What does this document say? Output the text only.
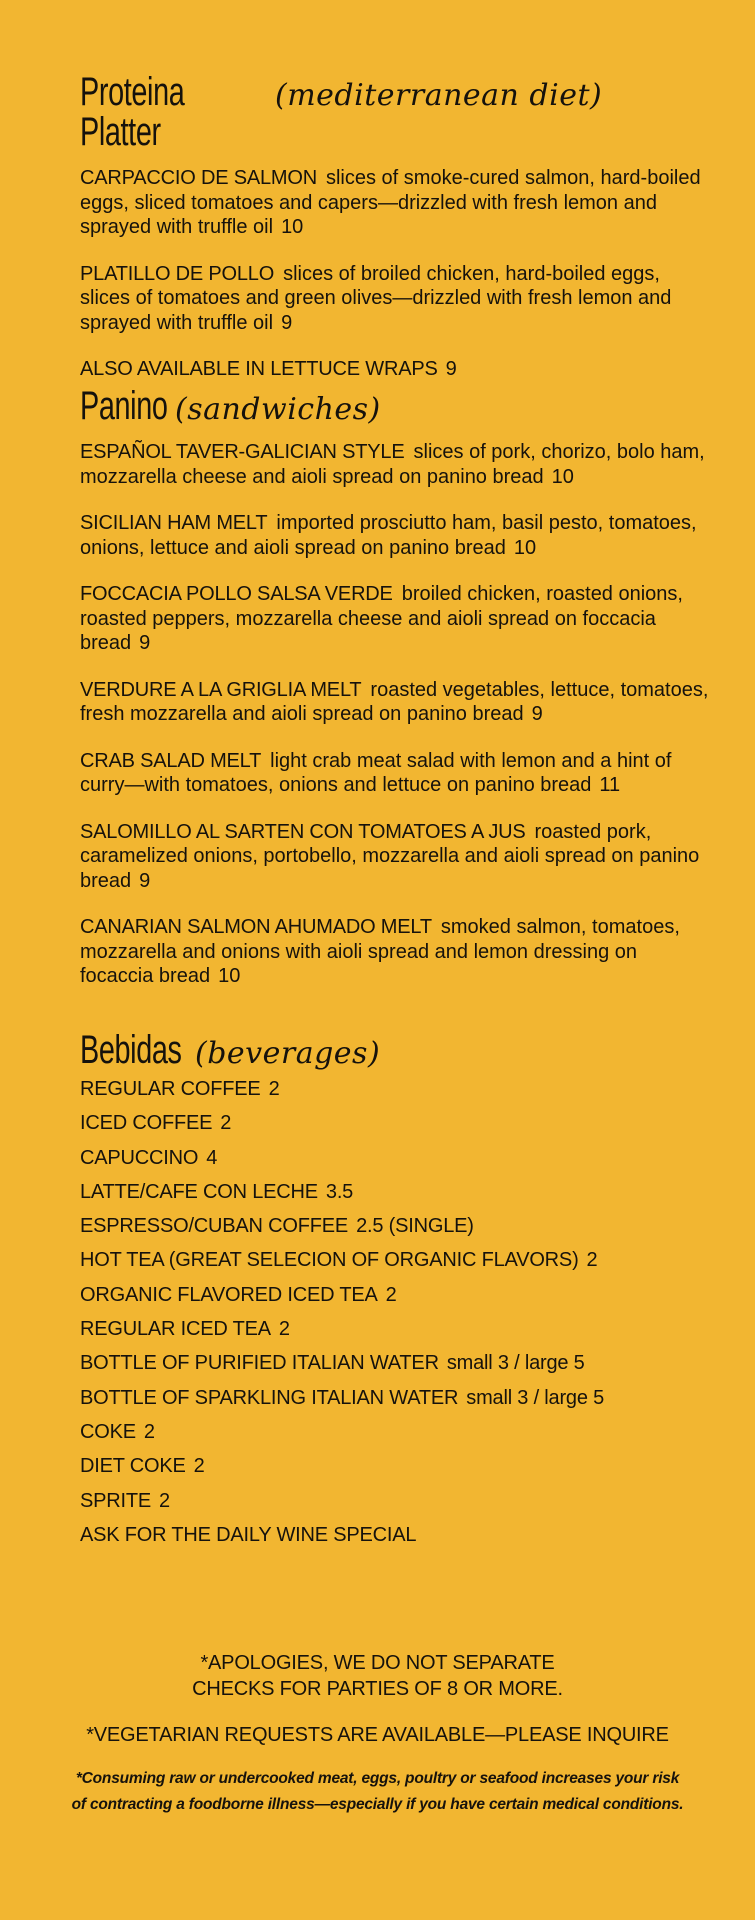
Proteina Platter
(mediterranean diet)
CARPACCIO DE SALMON slices of smoke-cured salmon, hard-boiled eggs, sliced tomatoes and capers—drizzled with fresh lemon and sprayed with truffle oil 10
PLATILLO DE POLLO slices of broiled chicken, hard-boiled eggs, slices of tomatoes and green olives—drizzled with fresh lemon and sprayed with truffle oil 9
ALSO AVAILABLE IN LETTUCE WRAPS 9
Panino (sandwiches)
ESPAÑOL TAVER-GALICIAN STYLE slices of pork, chorizo, bolo ham, mozzarella cheese and aioli spread on panino bread 10
SICILIAN HAM MELT imported prosciutto ham, basil pesto, tomatoes, onions, lettuce and aioli spread on panino bread 10
FOCCACIA POLLO SALSA VERDE broiled chicken, roasted onions, roasted peppers, mozzarella cheese and aioli spread on foccacia bread 9
VERDURE A LA GRIGLIA MELT roasted vegetables, lettuce, tomatoes, fresh mozzarella and aioli spread on panino bread 9
CRAB SALAD MELT light crab meat salad with lemon and a hint of curry—with tomatoes, onions and lettuce on panino bread 11
SALOMILLO AL SARTEN CON TOMATOES A JUS roasted pork, caramelized onions, portobello, mozzarella and aioli spread on panino bread 9
CANARIAN SALMON AHUMADO MELT smoked salmon, tomatoes, mozzarella and onions with aioli spread and lemon dressing on focaccia bread 10
Bebidas (beverages)
REGULAR COFFEE 2
ICED COFFEE 2
CAPUCCINO 4
LATTE/CAFE CON LECHE 3.5
ESPRESSO/CUBAN COFFEE 2.5 (SINGLE)
HOT TEA (GREAT SELECION OF ORGANIC FLAVORS) 2
ORGANIC FLAVORED ICED TEA 2
REGULAR ICED TEA 2
BOTTLE OF PURIFIED ITALIAN WATER small 3 / large 5
BOTTLE OF SPARKLING ITALIAN WATER small 3 / large 5
COKE 2
DIET COKE 2
SPRITE 2
ASK FOR THE DAILY WINE SPECIAL
*APOLOGIES, WE DO NOT SEPARATE
CHECKS FOR PARTIES OF 8 OR MORE.
*VEGETARIAN REQUESTS ARE AVAILABLE—PLEASE INQUIRE
*Consuming raw or undercooked meat, eggs, poultry or seafood increases your risk
of contracting a foodborne illness—especially if you have certain medical conditions.
